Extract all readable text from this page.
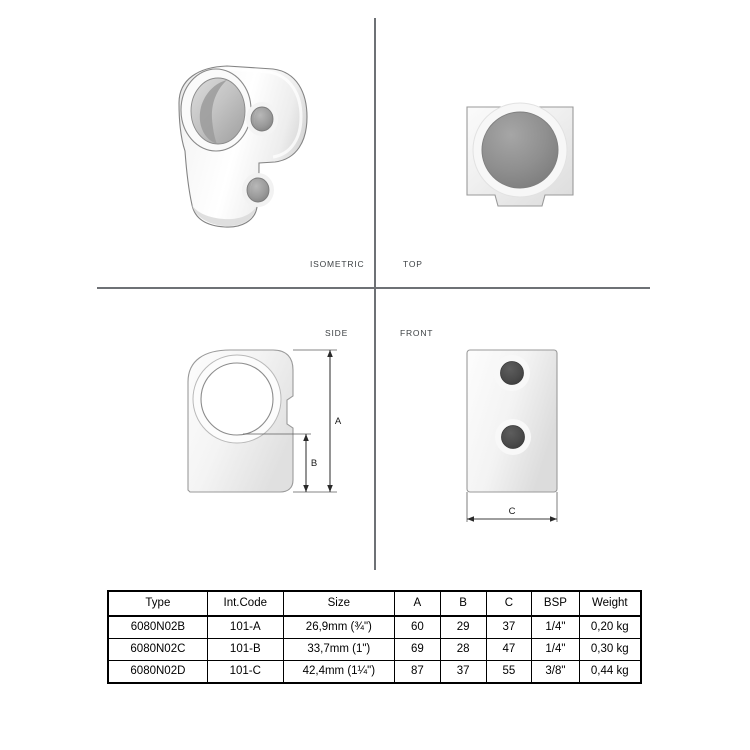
A
B
C
ISOMETRIC	TOP
SIDE	FRONT
Type	Int.Code	Size	A	B	C	BSP	Weight
6080N02B	101-A	26,9mm (¾")	60	29	37	1/4"	0,20 kg
6080N02C	101-B	33,7mm (1")	69	28	47	1/4"	0,30 kg
6080N02D	101-C	42,4mm (1¼")	87	37	55	3/8"	0,44 kg
